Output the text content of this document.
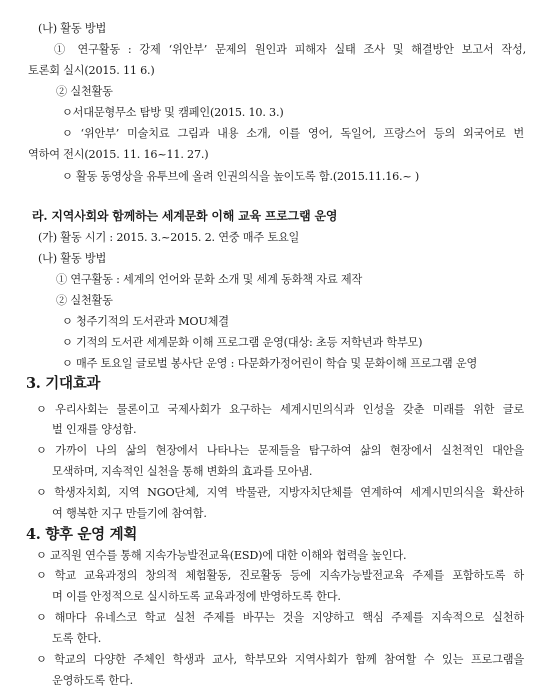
(나) 활동 방법
① 연구활동 : 강제 ‘위안부’ 문제의 원인과 피해자 실태 조사 및 해결방안 보고서 작성,
토론회 실시(2015. 11 6.)
② 실천활동
ㅇ서대문형무소 탐방 및 캠페인(2015. 10. 3.)
ㅇ ‘위안부’ 미술치료 그림과 내용 소개, 이를 영어, 독일어, 프랑스어 등의 외국어로 번
역하여 전시(2015. 11. 16~11. 27.)
ㅇ 활동 동영상을 유투브에 올려 인권의식을 높이도록 함.(2015.11.16.~ )
라. 지역사회와 함께하는 세계문화 이해 교육 프로그램 운영
(가) 활동 시기 : 2015. 3.~2015. 2. 연중 매주 토요일
(나) 활동 방법
① 연구활동 : 세계의 언어와 문화 소개 및 세계 동화책 자료 제작
② 실천활동
ㅇ 청주기적의 도서관과 MOU체결
ㅇ 기적의 도서관 세계문화 이해 프로그램 운영(대상: 초등 저학년과 학부모)
ㅇ 매주 토요일 글로벌 봉사단 운영 : 다문화가정어린이 학습 및 문화이해 프로그램 운영
3. 기대효과
ㅇ 우리사회는 물론이고 국제사회가 요구하는 세계시민의식과 인성을 갖춘 미래를 위한 글로
벌 인재를 양성함.
ㅇ 가까이 나의 삶의 현장에서 나타나는 문제들을 탐구하여 삶의 현장에서 실천적인 대안을
모색하며, 지속적인 실천을 통해 변화의 효과를 모아냄.
ㅇ 학생자치회, 지역 NGO단체, 지역 박물관, 지방자치단체를 연계하여 세계시민의식을 확산하
여 행복한 지구 만들기에 참여함.
4. 향후 운영 계획
ㅇ 교직원 연수를 통해 지속가능발전교육(ESD)에 대한 이해와 협력을 높인다.
ㅇ 학교 교육과정의 창의적 체험활동, 진로활동 등에 지속가능발전교육 주제를 포함하도록 하
며 이를 안정적으로 실시하도록 교육과정에 반영하도록 한다.
ㅇ 해마다 유네스코 학교 실천 주제를 바꾸는 것을 지양하고 핵심 주제를 지속적으로 실천하
도록 한다.
ㅇ 학교의 다양한 주체인 학생과 교사, 학부모와 지역사회가 함께 참여할 수 있는 프로그램을
운영하도록 한다.
